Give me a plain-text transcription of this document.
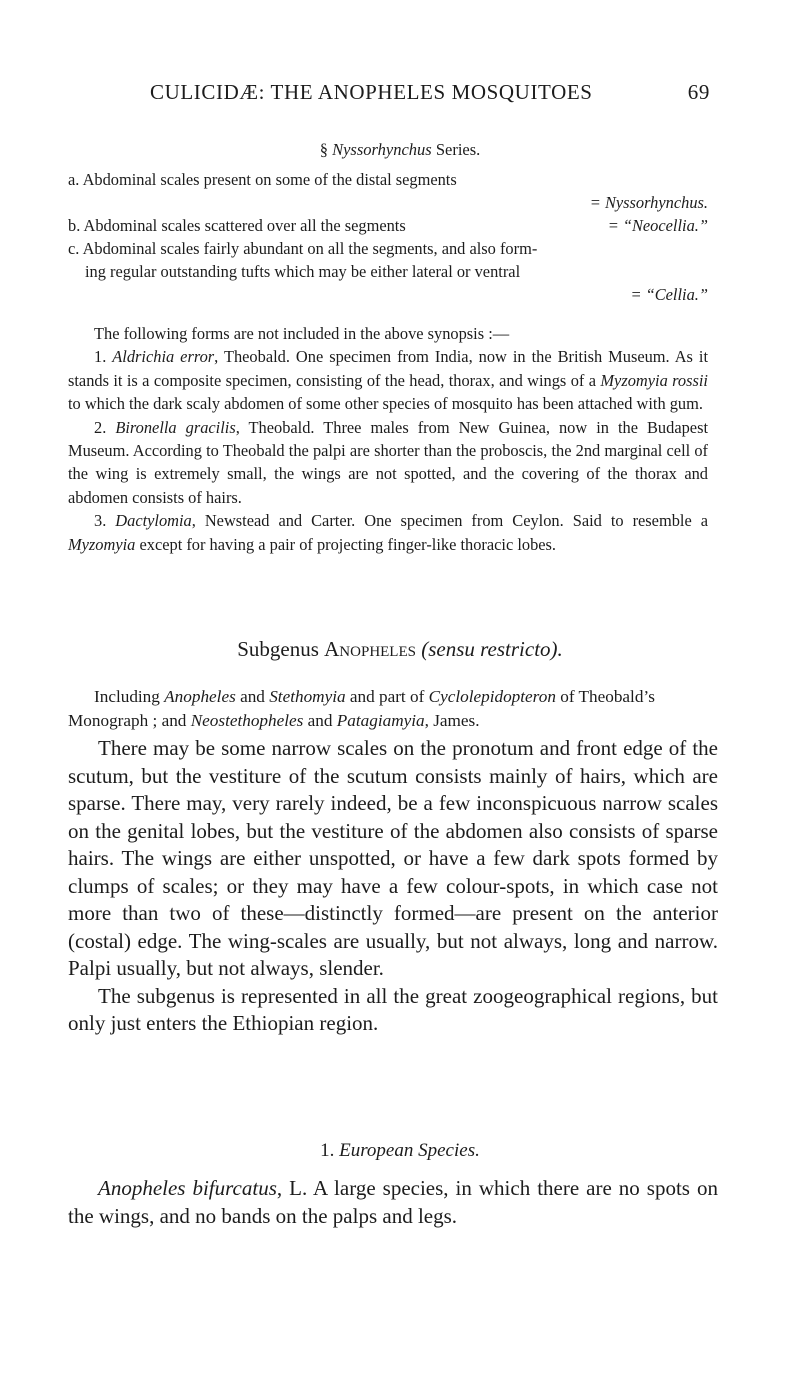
CULICIDÆ: THE ANOPHELES MOSQUITOES	69
§ Nyssorhynchus Series.
a. Abdominal scales present on some of the distal segments
= Nyssorhynchus.
b. Abdominal scales scattered over all the segments	= “Neocellia.”
c. Abdominal scales fairly abundant on all the segments, and also form-
ing regular outstanding tufts which may be either lateral or ventral
= “Cellia.”

The following forms are not included in the above synopsis :—

1. Aldrichia error, Theobald. One specimen from India, now in the British Museum. As it stands it is a composite specimen, consisting of the head, thorax, and wings of a Myzomyia rossii to which the dark scaly abdomen of some other species of mosquito has been attached with gum.

2. Bironella gracilis, Theobald. Three males from New Guinea, now in the Budapest Museum. According to Theobald the palpi are shorter than the proboscis, the 2nd marginal cell of the wing is extremely small, the wings are not spotted, and the covering of the thorax and abdomen consists of hairs.

3. Dactylomia, Newstead and Carter. One specimen from Ceylon. Said to resemble a Myzomyia except for having a pair of projecting finger-like thoracic lobes.

Subgenus Anopheles (sensu restricto).

Including Anopheles and Stethomyia and part of Cyclolepidopteron of Theobald’s Monograph ; and Neostethopheles and Patagiamyia, James.

There may be some narrow scales on the pronotum and front edge of the scutum, but the vestiture of the scutum consists mainly of hairs, which are sparse. There may, very rarely indeed, be a few inconspicuous narrow scales on the genital lobes, but the vestiture of the abdomen also consists of sparse hairs. The wings are either unspotted, or have a few dark spots formed by clumps of scales; or they may have a few colour-spots, in which case not more than two of these—distinctly formed—are present on the anterior (costal) edge. The wing-scales are usually, but not always, long and narrow. Palpi usually, but not always, slender.

The subgenus is represented in all the great zoogeographical regions, but only just enters the Ethiopian region.

1. European Species.

Anopheles bifurcatus, L. A large species, in which there are no spots on the wings, and no bands on the palps and legs.
